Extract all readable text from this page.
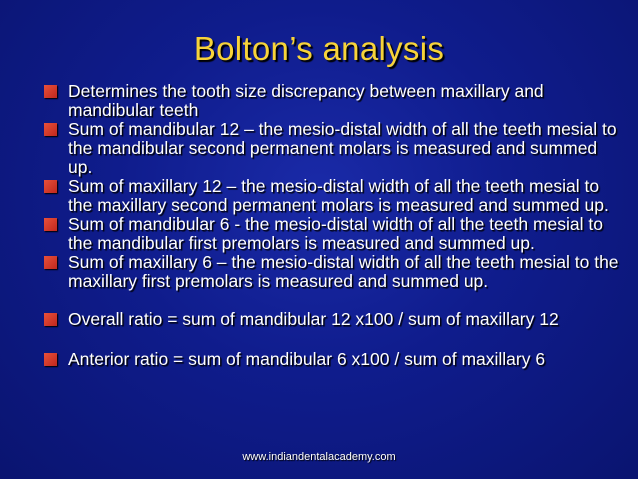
Bolton’s analysis
Determines the tooth size discrepancy between maxillary and mandibular teeth
Sum of mandibular 12 – the mesio-distal width of all the teeth mesial to the mandibular second permanent molars is measured and summed up.
Sum of maxillary 12 – the mesio-distal width of all the teeth mesial to the maxillary second permanent molars is measured and summed up.
Sum of mandibular 6 - the mesio-distal width of all the teeth mesial to the mandibular first premolars is measured and summed up.
Sum of maxillary 6 – the mesio-distal width of all the teeth mesial to the maxillary first premolars is measured and summed up.
Overall ratio = sum of mandibular 12 x100 / sum of maxillary 12
Anterior ratio = sum of mandibular 6 x100 / sum of maxillary 6
www.indiandentalacademy.com
